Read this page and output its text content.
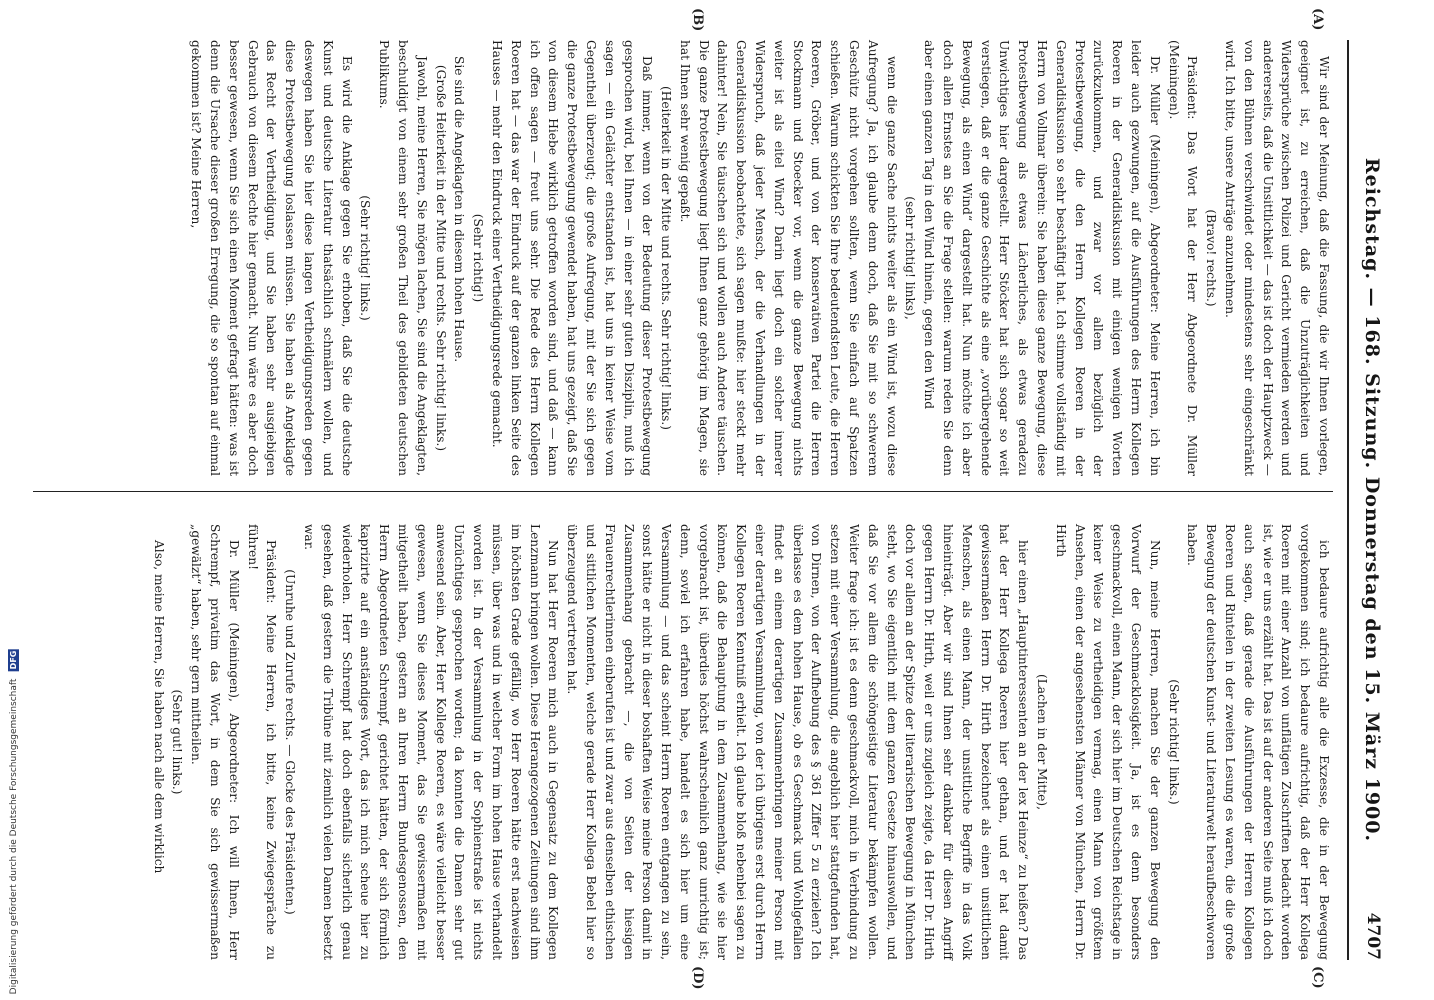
Reichstag. — 168. Sitzung. Donnerstag den 15. März 1900.
4707
(A)
(B)
(C)
(D)

Wir sind der Meinung, daß die Fassung, die wir Ihnen vorlegen, geeignet ist, zu erreichen, daß die Unzuträglichkeiten und Widersprüche zwischen Polizei und Gericht vermieden werden und andererseits, daß die Unsittlichkeit — das ist doch der Hauptzweck — von den Bühnen verschwindet oder mindestens sehr eingeschränkt wird. Ich bitte, unsere Anträge anzunehmen.

(Bravo! rechts.)

Präsident: Das Wort hat der Herr Abgeordnete Dr. Müller (Meiningen).

Dr. Müller (Meiningen), Abgeordneter: Meine Herren, ich bin leider auch gezwungen, auf die Ausführungen des Herrn Kollegen Roeren in der Generaldiskussion mit einigen wenigen Worten zurückzukommen, und zwar vor allem bezüglich der Protestbewegung, die den Herrn Kollegen Roeren in der Generaldiskussion so sehr beschäftigt hat. Ich stimme vollständig mit Herrn von Vollmar überein: Sie haben diese ganze Bewegung, diese Protestbewegung als etwas Lächerliches, als etwas geradezu Unwichtiges hier dargestellt. Herr Stöcker hat sich sogar so weit verstiegen, daß er die ganze Geschichte als eine „vorübergehende Bewegung, als einen Wind“ dargestellt hat. Nun möchte ich aber doch allen Ernstes an Sie die Frage stellen: warum reden Sie denn aber einen ganzen Tag in den Wind hinein, gegen den Wind

(sehr richtig! links),

wenn die ganze Sache nichts weiter als ein Wind ist, wozu diese Aufregung? Ja, ich glaube denn doch, daß Sie mit so schwerem Geschütz nicht vorgehen sollten, wenn Sie einfach auf Spatzen schießen. Warum schickten Sie Ihre bedeutendsten Leute, die Herren Roeren, Gröber, und von der konservativen Partei die Herren Stockmann und Stoecker vor, wenn die ganze Bewegung nichts weiter ist als eitel Wind? Darin liegt doch ein solcher innerer Widerspruch, daß jeder Mensch, der die Verhandlungen in der Generaldiskussion beobachtete, sich sagen mußte: hier steckt mehr dahinter! Nein, Sie täuschen sich und wollen auch Andere täuschen. Die ganze Protestbewegung liegt Ihnen ganz gehörig im Magen, sie hat Ihnen sehr wenig gepaßt.

(Heiterkeit in der Mitte und rechts. Sehr richtig! links.)

Daß immer, wenn von der Bedeutung dieser Protestbewegung gesprochen wird, bei Ihnen — in einer sehr guten Disziplin, muß ich sagen — ein Gelächter entstanden ist, hat uns in keiner Weise vom Gegentheil überzeugt; die große Aufregung, mit der Sie sich gegen die ganze Protestbewegung gewendet haben, hat uns gezeigt, daß Sie von diesem Hiebe wirklich getroffen worden sind, und daß — kann ich offen sagen — freut uns sehr. Die Rede des Herrn Kollegen Roeren hat — das war der Eindruck auf der ganzen linken Seite des Hauses — mehr den Eindruck einer Vertheidigungsrede gemacht.

(Sehr richtig!)

Sie sind die Angeklagten in diesem hohen Hause.

(Große Heiterkeit in der Mitte und rechts. Sehr richtig! links.)

Jawohl, meine Herren, Sie mögen lachen, Sie sind die Angeklagten, beschuldigt von einem sehr großen Theil des gebildeten deutschen Publikums.

(Sehr richtig! links.)

Es wird die Anklage gegen Sie erhoben, daß Sie die deutsche Kunst und deutsche Literatur thatsächlich schmälern wollen, und deswegen haben Sie hier diese langen Vertheidigungsreden gegen diese Protestbewegung loslassen müssen. Sie haben als Angeklagte das Recht der Vertheidigung, und Sie haben sehr ausgiebigen Gebrauch von diesem Rechte hier gemacht. Nun wäre es aber doch besser gewesen, wenn Sie sich einen Moment gefragt hätten: was ist denn die Ursache dieser großen Erregung, die so spontan auf einmal gekommen ist? Meine Herren,

ich bedaure aufrichtig alle die Exzesse, die in der Bewegung vorgekommen sind; ich bedaure aufrichtig, daß der Herr Kollega Roeren mit einer Anzahl von unflätigen Zuschriften bedacht worden ist, wie er uns erzählt hat. Das ist auf der anderen Seite muß ich doch auch sagen, daß gerade die Ausführungen der Herren Kollegen Roeren und Rintelen in der zweiten Lesung es waren, die die große Bewegung der deutschen Kunst- und Literaturwelt heraufbeschworen haben.

(Sehr richtig! links.)

Nun, meine Herren, machen Sie der ganzen Bewegung den Vorwurf der Geschmacklosigkeit. Ja, ist es denn besonders geschmackvoll, einen Mann, der sich hier im Deutschen Reichstage in keiner Weise zu vertheidigen vermag, einen Mann von größtem Ansehen, einen der angesehensten Männer von München, Herrn Dr. Hirth

(Lachen in der Mitte),

hier einen „Hauptinteressenten an der lex Heinze“ zu heißen? Das hat der Herr Kollega Roeren hier gethan, und er hat damit gewissermaßen Herrn Dr. Hirth bezeichnet als einen unsittlichen Menschen, als einen Mann, der unsittliche Begriffe in das Volk hineinträgt. Aber wir sind Ihnen sehr dankbar für diesen Angriff gegen Herrn Dr. Hirth, weil er uns zugleich zeigte, da Herr Dr. Hirth doch vor allem an der Spitze der literarischen Bewegung in München steht, wo Sie eigentlich mit dem ganzen Gesetze hinauswollen, und daß Sie vor allem die schöngeistige Literatur bekämpfen wollen. Weiter frage ich: ist es denn geschmackvoll, mich in Verbindung zu setzen mit einer Versammlung, die angeblich hier stattgefunden hat, von Dirnen, von der Aufhebung des § 361 Ziffer 5 zu erzielen? Ich überlasse es dem hohen Hause, ob es Geschmack und Wohlgefallen findet an einem derartigen Zusammenbringen meiner Person mit einer derartigen Versammlung, von der ich übrigens erst durch Herrn Kollegen Roeren Kenntniß erhielt. Ich glaube bloß nebenbei sagen zu können, daß die Behauptung in dem Zusammenhang, wie sie hier vorgebracht ist, überdies höchst wahrscheinlich ganz unrichtig ist; denn, soviel ich erfahren habe, handelt es sich hier um eine Versammlung — und das scheint Herrn Roeren entgangen zu sein, sonst hätte er nicht in dieser boshaften Weise meine Person damit in Zusammenhang gebracht —, die von Seiten der hiesigen Frauenrechtlerinnen einberufen ist und zwar aus denselben ethischen und sittlichen Momenten, welche gerade Herr Kollega Bebel hier so überzeugend vertreten hat.

Nun hat Herr Roeren mich auch in Gegensatz zu dem Kollegen Lenzmann bringen wollen. Diese Herangezogenen Zeitungen sind ihm im höchsten Grade gefällig, wo Herr Roeren hätte erst nachweisen müssen, über was und in welcher Form im hohen Hause verhandelt worden ist. In der Versammlung in der Sophienstraße ist nichts Unzüchtiges gesprochen worden; da konnten die Damen sehr gut anwesend sein. Aber, Herr Kollege Roeren, es wäre vielleicht besser gewesen, wenn Sie dieses Moment, das Sie gewissermaßen mit mitgetheilt haben, gestern an Ihren Herrn Bundesgenossen, den Herrn Abgeordneten Schrempf, gerichtet hätten, der sich förmlich kaprizirte auf ein anständiges Wort, das ich mich scheue hier zu wiederholen. Herr Schrempf hat doch ebenfalls sicherlich genau gesehen, daß gestern die Tribüne mit ziemlich vielen Damen besetzt war.

(Unruhe und Zurufe rechts. — Glocke des Präsidenten.)

Präsident: Meine Herren, ich bitte, keine Zwiegespräche zu führen!

Dr. Müller (Meiningen), Abgeordneter: Ich will Ihnen, Herr Schrempf, privatim das Wort, in dem Sie sich gewissermaßen „gewälzt“ haben, sehr gern mittheilen.

(Sehr gut! links.)

Also, meine Herren, Sie haben nach alle dem wirklich

Digitalisierung gefördert durch die Deutsche Forschungsgemeinschaft DFG
